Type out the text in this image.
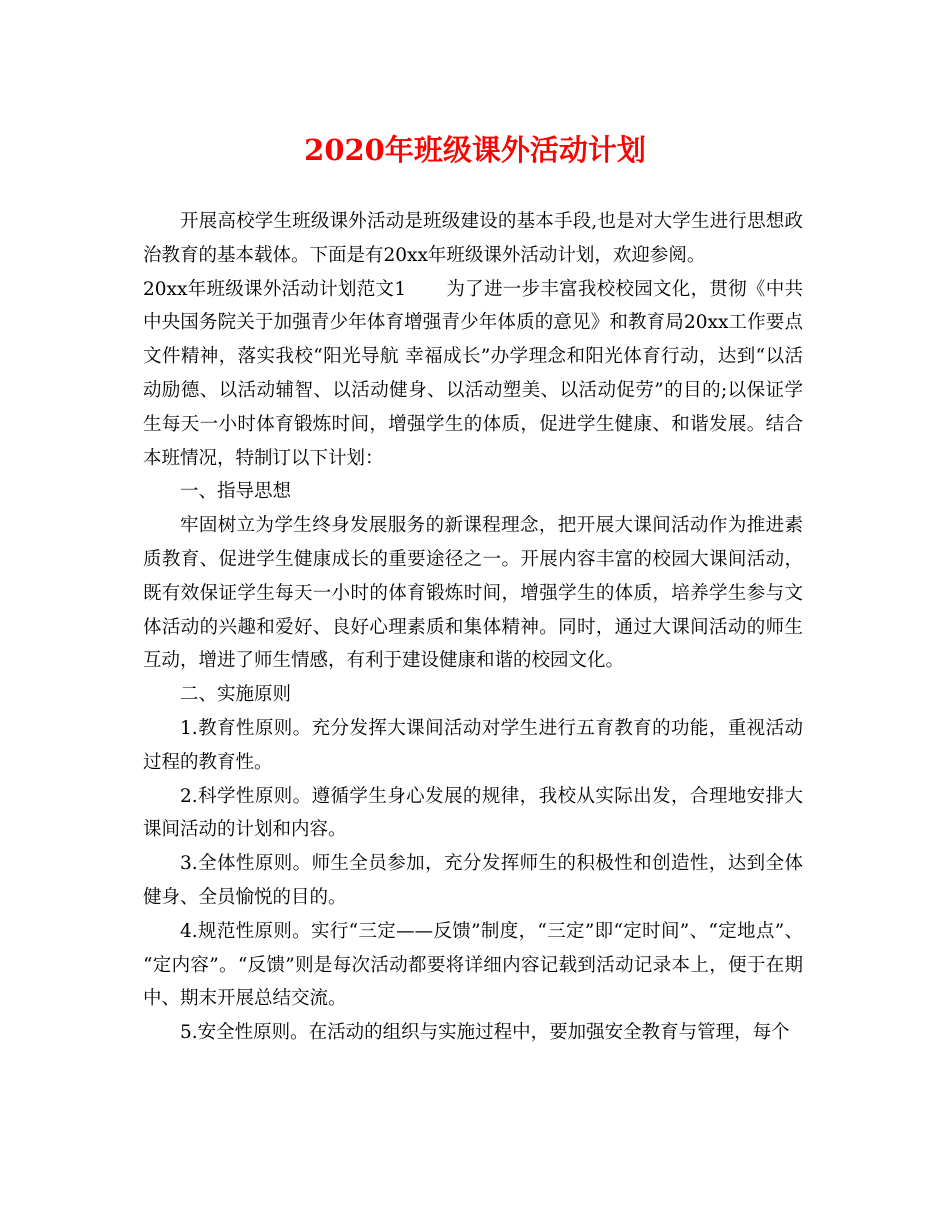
2020年班级课外活动计划

开展高校学生班级课外活动是班级建设的基本手段,也是对大学生进行思想政治教育的基本载体。下面是有20xx年班级课外活动计划，欢迎参阅。

20xx年班级课外活动计划范文1 为了进一步丰富我校校园文化，贯彻《中共中央国务院关于加强青少年体育增强青少年体质的意见》和教育局20xx工作要点文件精神，落实我校“阳光导航 幸福成长”办学理念和阳光体育行动，达到“以活动励德、以活动辅智、以活动健身、以活动塑美、以活动促劳”的目的;以保证学生每天一小时体育锻炼时间，增强学生的体质，促进学生健康、和谐发展。结合本班情况，特制订以下计划：

一、指导思想

牢固树立为学生终身发展服务的新课程理念，把开展大课间活动作为推进素质教育、促进学生健康成长的重要途径之一。开展内容丰富的校园大课间活动，既有效保证学生每天一小时的体育锻炼时间，增强学生的体质，培养学生参与文体活动的兴趣和爱好、良好心理素质和集体精神。同时，通过大课间活动的师生互动，增进了师生情感，有利于建设健康和谐的校园文化。

二、实施原则

1.教育性原则。充分发挥大课间活动对学生进行五育教育的功能，重视活动过程的教育性。

2.科学性原则。遵循学生身心发展的规律，我校从实际出发，合理地安排大课间活动的计划和内容。

3.全体性原则。师生全员参加，充分发挥师生的积极性和创造性，达到全体健身、全员愉悦的目的。

4.规范性原则。实行“三定——反馈”制度，“三定”即“定时间”、“定地点”、 “定内容”。“反馈”则是每次活动都要将详细内容记载到活动记录本上，便于在期中、期末开展总结交流。

5.安全性原则。在活动的组织与实施过程中，要加强安全教育与管理，每个
